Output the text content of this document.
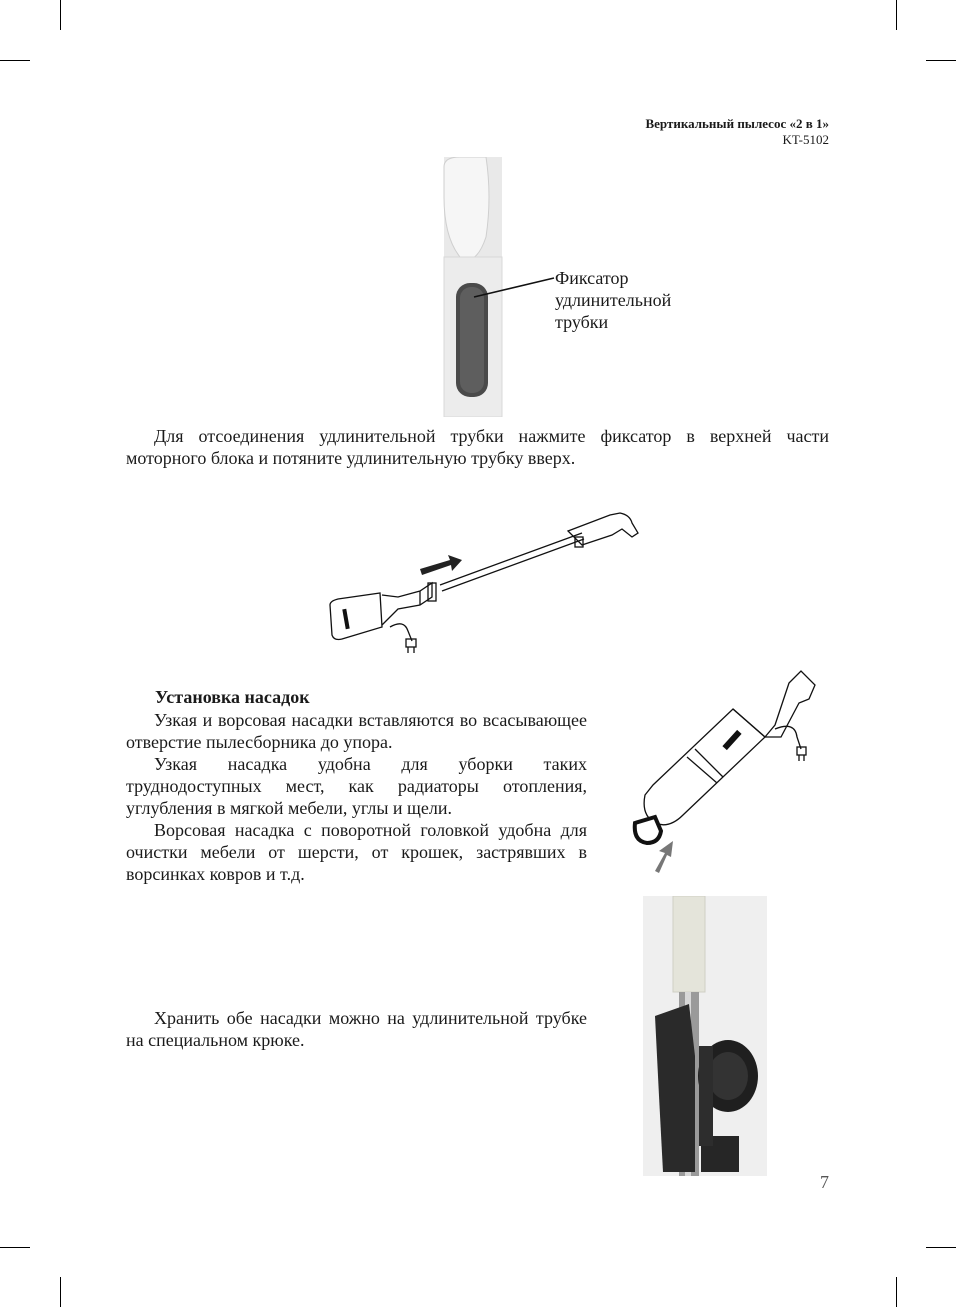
Вертикальный пылесос «2 в 1»
KT-5102
Фиксатор
удлинительной
трубки

Для отсоединения удлинительной трубки нажмите фиксатор в верхней части моторного блока и потяните удлинительную трубку вверх.

Установка насадок

Узкая и ворсовая насадки вставляются во всасывающее отверстие пылесборника до упора.

Узкая насадка удобна для уборки таких труднодоступных мест, как радиаторы отопления, углубления в мягкой мебели, углы и щели.

Ворсовая насадка с поворотной головкой удобна для очистки мебели от шерсти, от крошек, застрявших в ворсинках ковров и т.д.

Хранить обе насадки можно на удлинительной трубке на специальном крюке.

7
